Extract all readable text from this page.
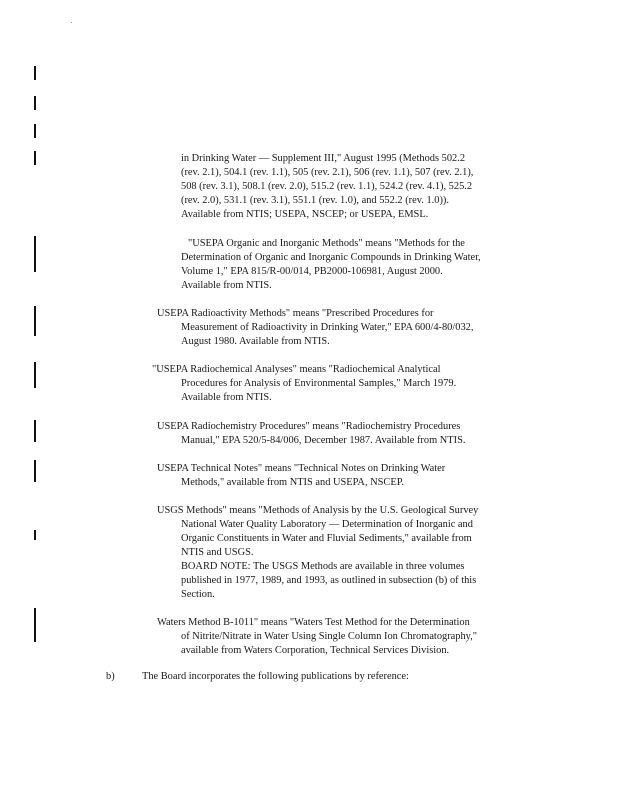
in Drinking Water — Supplement III," August 1995 (Methods 502.2
(rev. 2.1), 504.1 (rev. 1.1), 505 (rev. 2.1), 506 (rev. 1.1), 507 (rev. 2.1),
508 (rev. 3.1), 508.1 (rev. 2.0), 515.2 (rev. 1.1), 524.2 (rev. 4.1), 525.2
(rev. 2.0), 531.1 (rev. 3.1), 551.1 (rev. 1.0), and 552.2 (rev. 1.0)).
Available from NTIS; USEPA, NSCEP; or USEPA, EMSL.
"USEPA Organic and Inorganic Methods" means "Methods for the
Determination of Organic and Inorganic Compounds in Drinking Water,
Volume 1," EPA 815/R-00/014, PB2000-106981, August 2000.
Available from NTIS.
USEPA Radioactivity Methods" means "Prescribed Procedures for
Measurement of Radioactivity in Drinking Water," EPA 600/4-80/032,
August 1980. Available from NTIS.
"USEPA Radiochemical Analyses" means "Radiochemical Analytical
Procedures for Analysis of Environmental Samples," March 1979.
Available from NTIS.
USEPA Radiochemistry Procedures" means "Radiochemistry Procedures
Manual," EPA 520/5-84/006, December 1987. Available from NTIS.
USEPA Technical Notes" means "Technical Notes on Drinking Water
Methods," available from NTIS and USEPA, NSCEP.
USGS Methods" means "Methods of Analysis by the U.S. Geological Survey
National Water Quality Laboratory — Determination of Inorganic and
Organic Constituents in Water and Fluvial Sediments," available from
NTIS and USGS.
BOARD NOTE: The USGS Methods are available in three volumes
published in 1977, 1989, and 1993, as outlined in subsection (b) of this
Section.
Waters Method B-1011" means "Waters Test Method for the Determination
of Nitrite/Nitrate in Water Using Single Column Ion Chromatography,"
available from Waters Corporation, Technical Services Division.
b)	The Board incorporates the following publications by reference:
